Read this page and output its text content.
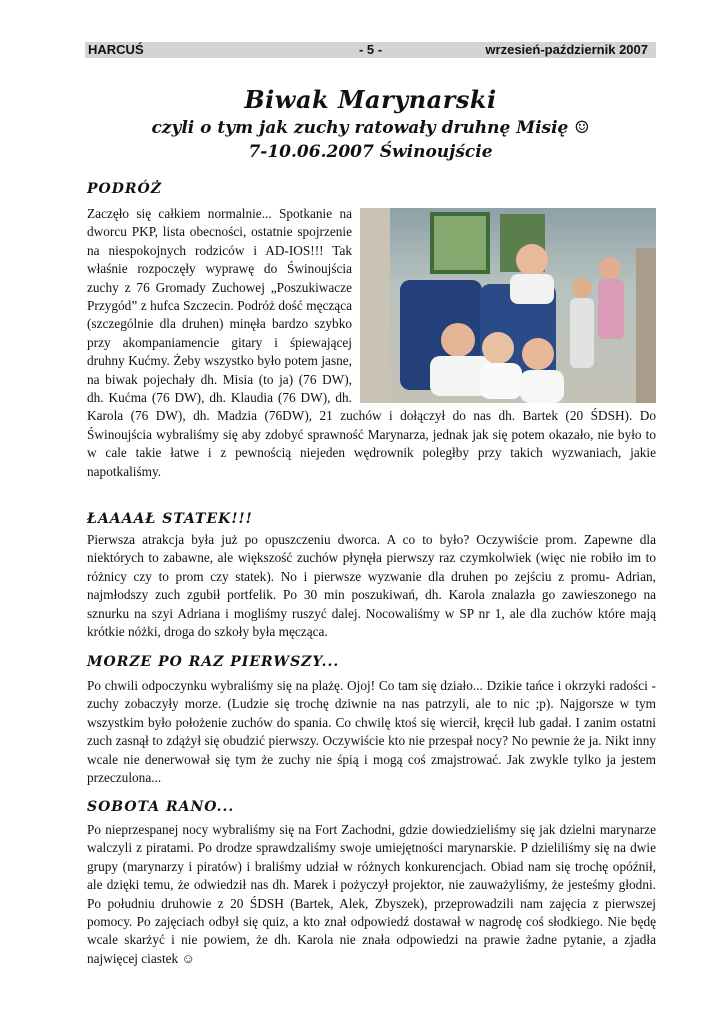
HARCUŚ	- 5 -	wrzesień-październik 2007
Biwak Marynarski
czyli o tym jak zuchy ratowały druhnę Misię ☺
7-10.06.2007 Świnoujście
PODRÓŻ
Zaczęło się całkiem normalnie... Spotkanie na dworcu PKP, lista obecności, ostatnie spojrzenie na niespokojnych rodziców i AD-IOS!!! Tak właśnie rozpoczęły wyprawę do Świnoujścia zuchy z 76 Gromady Zuchowej „Poszukiwacze Przygód” z hufca Szczecin. Podróż dość męcząca (szczególnie dla druhen) minęła bardzo szybko przy akompaniamencie gitary i śpiewającej druhny Kućmy. Żeby wszystko było potem jasne, na biwak pojechały dh. Misia (to ja) (76 DW), dh. Kućma (76 DW), dh. Klaudia (76 DW), dh. Karola (76 DW), dh. Madzia (76DW), 21 zuchów i dołączył do nas dh. Bartek (20 ŚDSH). Do Świnoujścia wybraliśmy się aby zdobyć sprawność Marynarza, jednak jak się potem okazało, nie było to w cale takie łatwe i z pewnością niejeden wędrownik poległby przy takich wyzwaniach, jakie napotkaliśmy.
ŁAAAAŁ STATEK!!!

Pierwsza atrakcja była już po opuszczeniu dworca. A co to było? Oczywiście prom. Zapewne dla niektórych to zabawne, ale większość zuchów płynęła pierwszy raz czymkolwiek (więc nie robiło im to różnicy czy to prom czy statek). No i pierwsze wyzwanie dla druhen po zejściu z promu- Adrian, najmłodszy zuch zgubił portfelik. Po 30 min poszukiwań, dh. Karola znalazła go zawieszonego na sznurku na szyi Adriana i mogliśmy ruszyć dalej. Nocowaliśmy w SP nr 1, ale dla zuchów które mają krótkie nóżki, droga do szkoły była męcząca.

MORZE PO RAZ PIERWSZY...

Po chwili odpoczynku wybraliśmy się na plażę. Ojoj! Co tam się działo... Dzikie tańce i okrzyki radości - zuchy zobaczyły morze. (Ludzie się trochę dziwnie na nas patrzyli, ale to nic ;p). Najgorsze w tym wszystkim było położenie zuchów do spania. Co chwilę ktoś się wiercił, kręcił lub gadał. I zanim ostatni zuch zasnął to zdążył się obudzić pierwszy. Oczywiście kto nie przespał nocy? No pewnie że ja. Nikt inny wcale nie denerwował się tym że zuchy nie śpią i mogą coś zmajstrować. Jak zwykle tylko ja jestem przeczulona...

SOBOTA RANO...

Po nieprzespanej nocy wybraliśmy się na Fort Zachodni, gdzie dowiedzieliśmy się jak dzielni marynarze walczyli z piratami. Po drodze sprawdzaliśmy swoje umiejętności marynarskie. P dzieliliśmy się na dwie grupy (marynarzy i piratów) i braliśmy udział w różnych konkurencjach. Obiad nam się trochę opóźnił, ale dzięki temu, że odwiedził nas dh. Marek i pożyczył projektor, nie zauważyliśmy, że jesteśmy głodni. Po południu druhowie z 20 ŚDSH (Bartek, Alek, Zbyszek), przeprowadzili nam zajęcia z pierwszej pomocy. Po zajęciach odbył się quiz, a kto znał odpowiedź dostawał w nagrodę coś słodkiego. Nie będę wcale skarżyć i nie powiem, że dh. Karola nie znała odpowiedzi na prawie żadne pytanie, a zjadła najwięcej ciastek ☺
